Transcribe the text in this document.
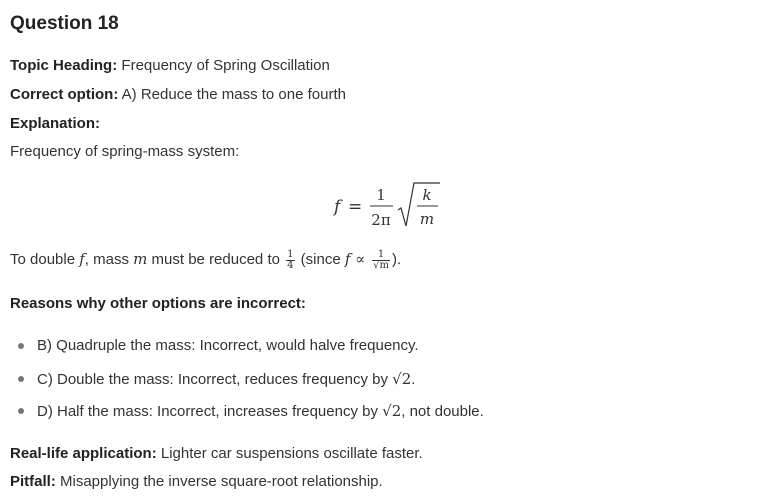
Question 18
Topic Heading: Frequency of Spring Oscillation
Correct option: A) Reduce the mass to one fourth
Explanation:
Frequency of spring-mass system:
f =
1
2π
k
m
To double f, mass m must be reduced to $\frac{1}{4}$ (since $f \propto \frac{1}{√m}$ ).
Reasons why other options are incorrect:
B) Quadruple the mass: Incorrect, would halve frequency.
C) Double the mass: Incorrect, reduces frequency by √2.
D) Half the mass: Incorrect, increases frequency by √2, not double.
Real-life application: Lighter car suspensions oscillate faster.
Pitfall: Misapplying the inverse square-root relationship.
